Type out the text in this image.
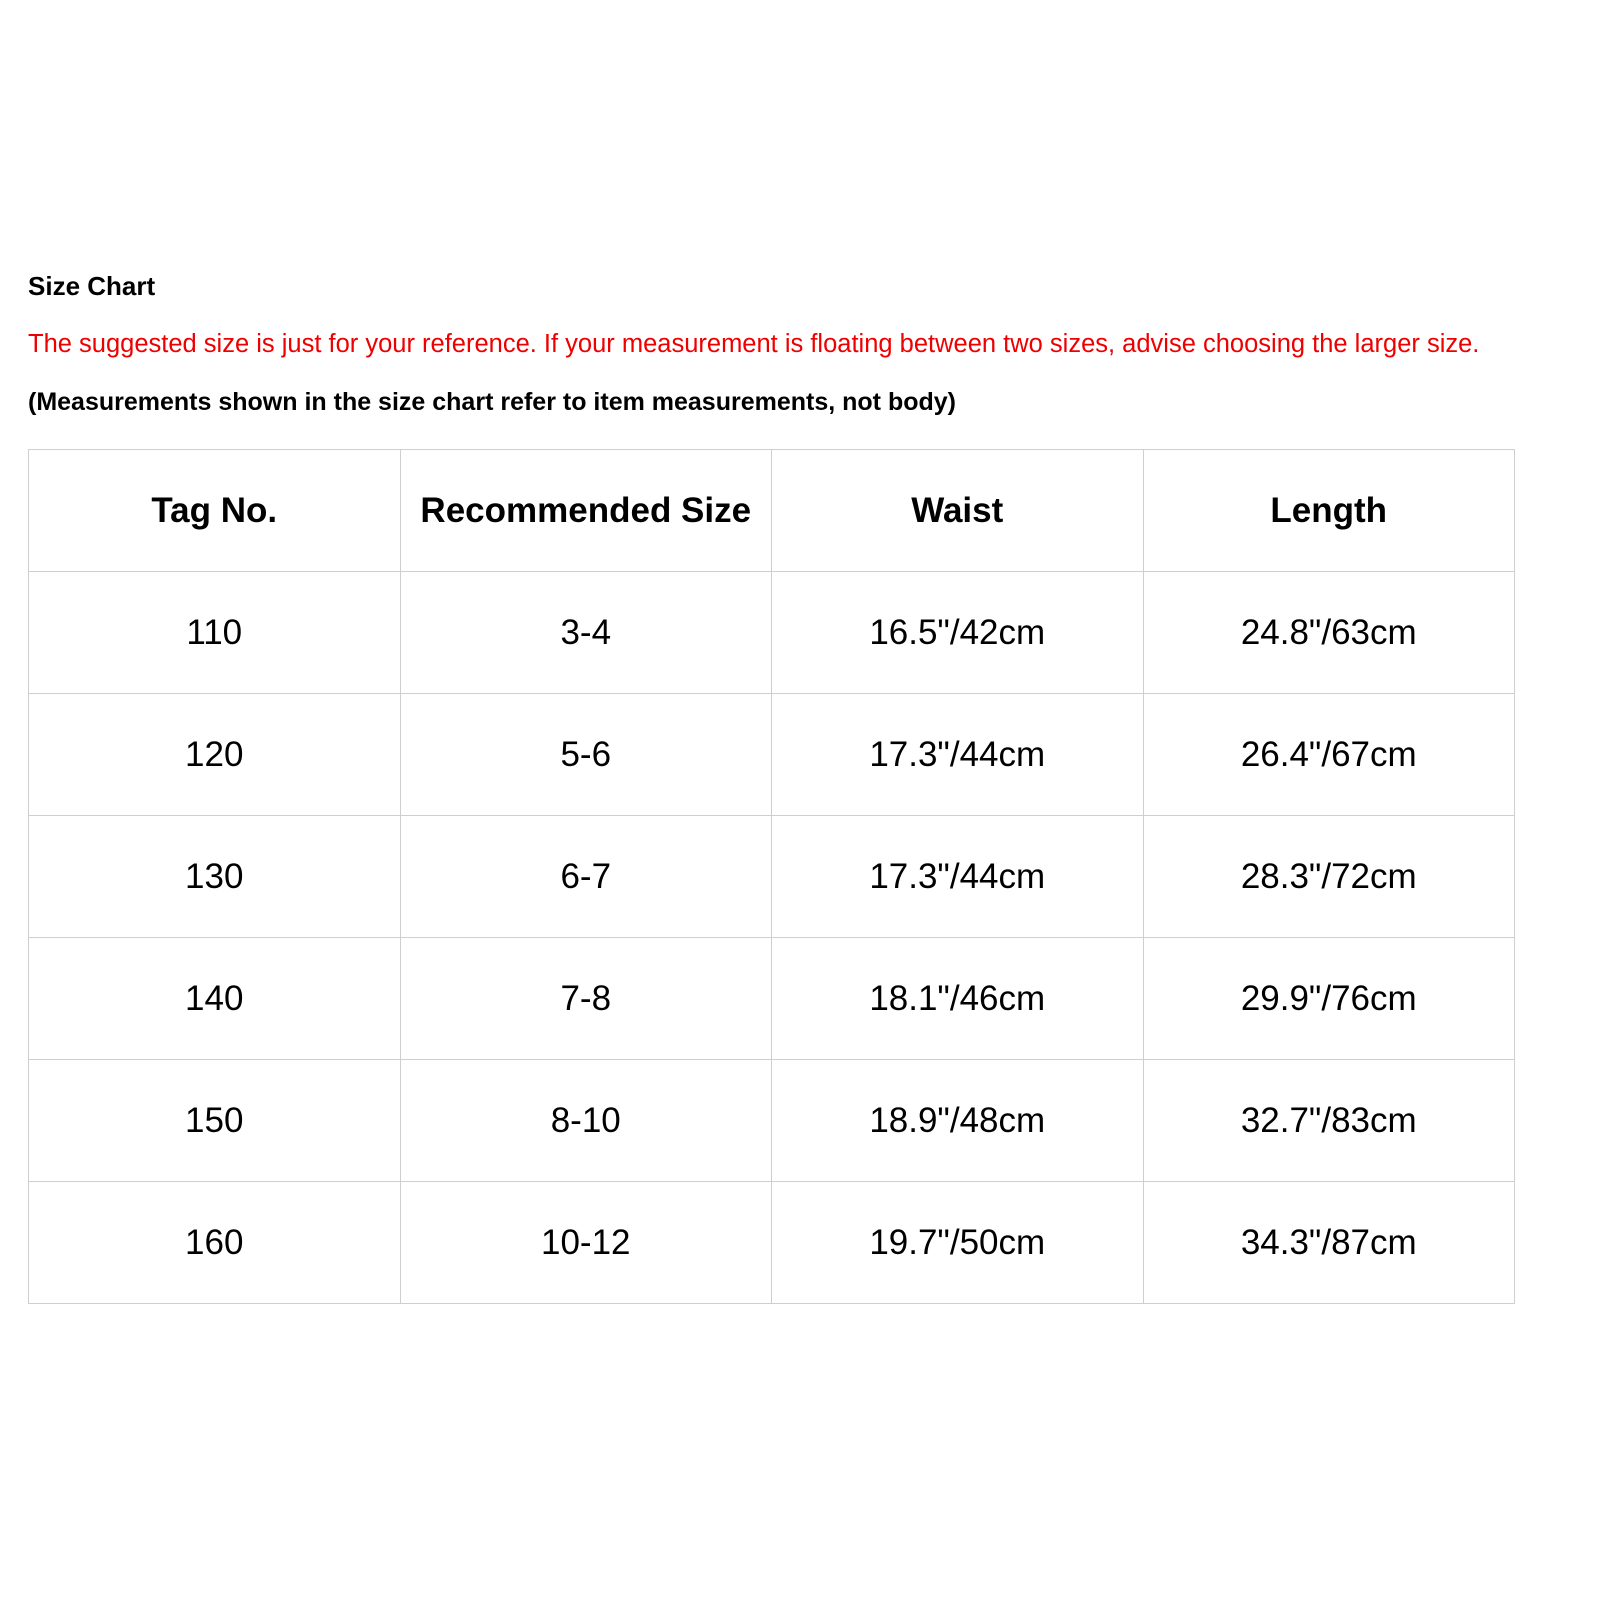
Size Chart
The suggested size is just for your reference. If your measurement is floating between two sizes, advise choosing the larger size.
(Measurements shown in the size chart refer to item measurements, not body)
Tag No.	Recommended Size	Waist	Length
110	3-4	16.5"/42cm	24.8"/63cm
120	5-6	17.3"/44cm	26.4"/67cm
130	6-7	17.3"/44cm	28.3"/72cm
140	7-8	18.1"/46cm	29.9"/76cm
150	8-10	18.9"/48cm	32.7"/83cm
160	10-12	19.7"/50cm	34.3"/87cm
